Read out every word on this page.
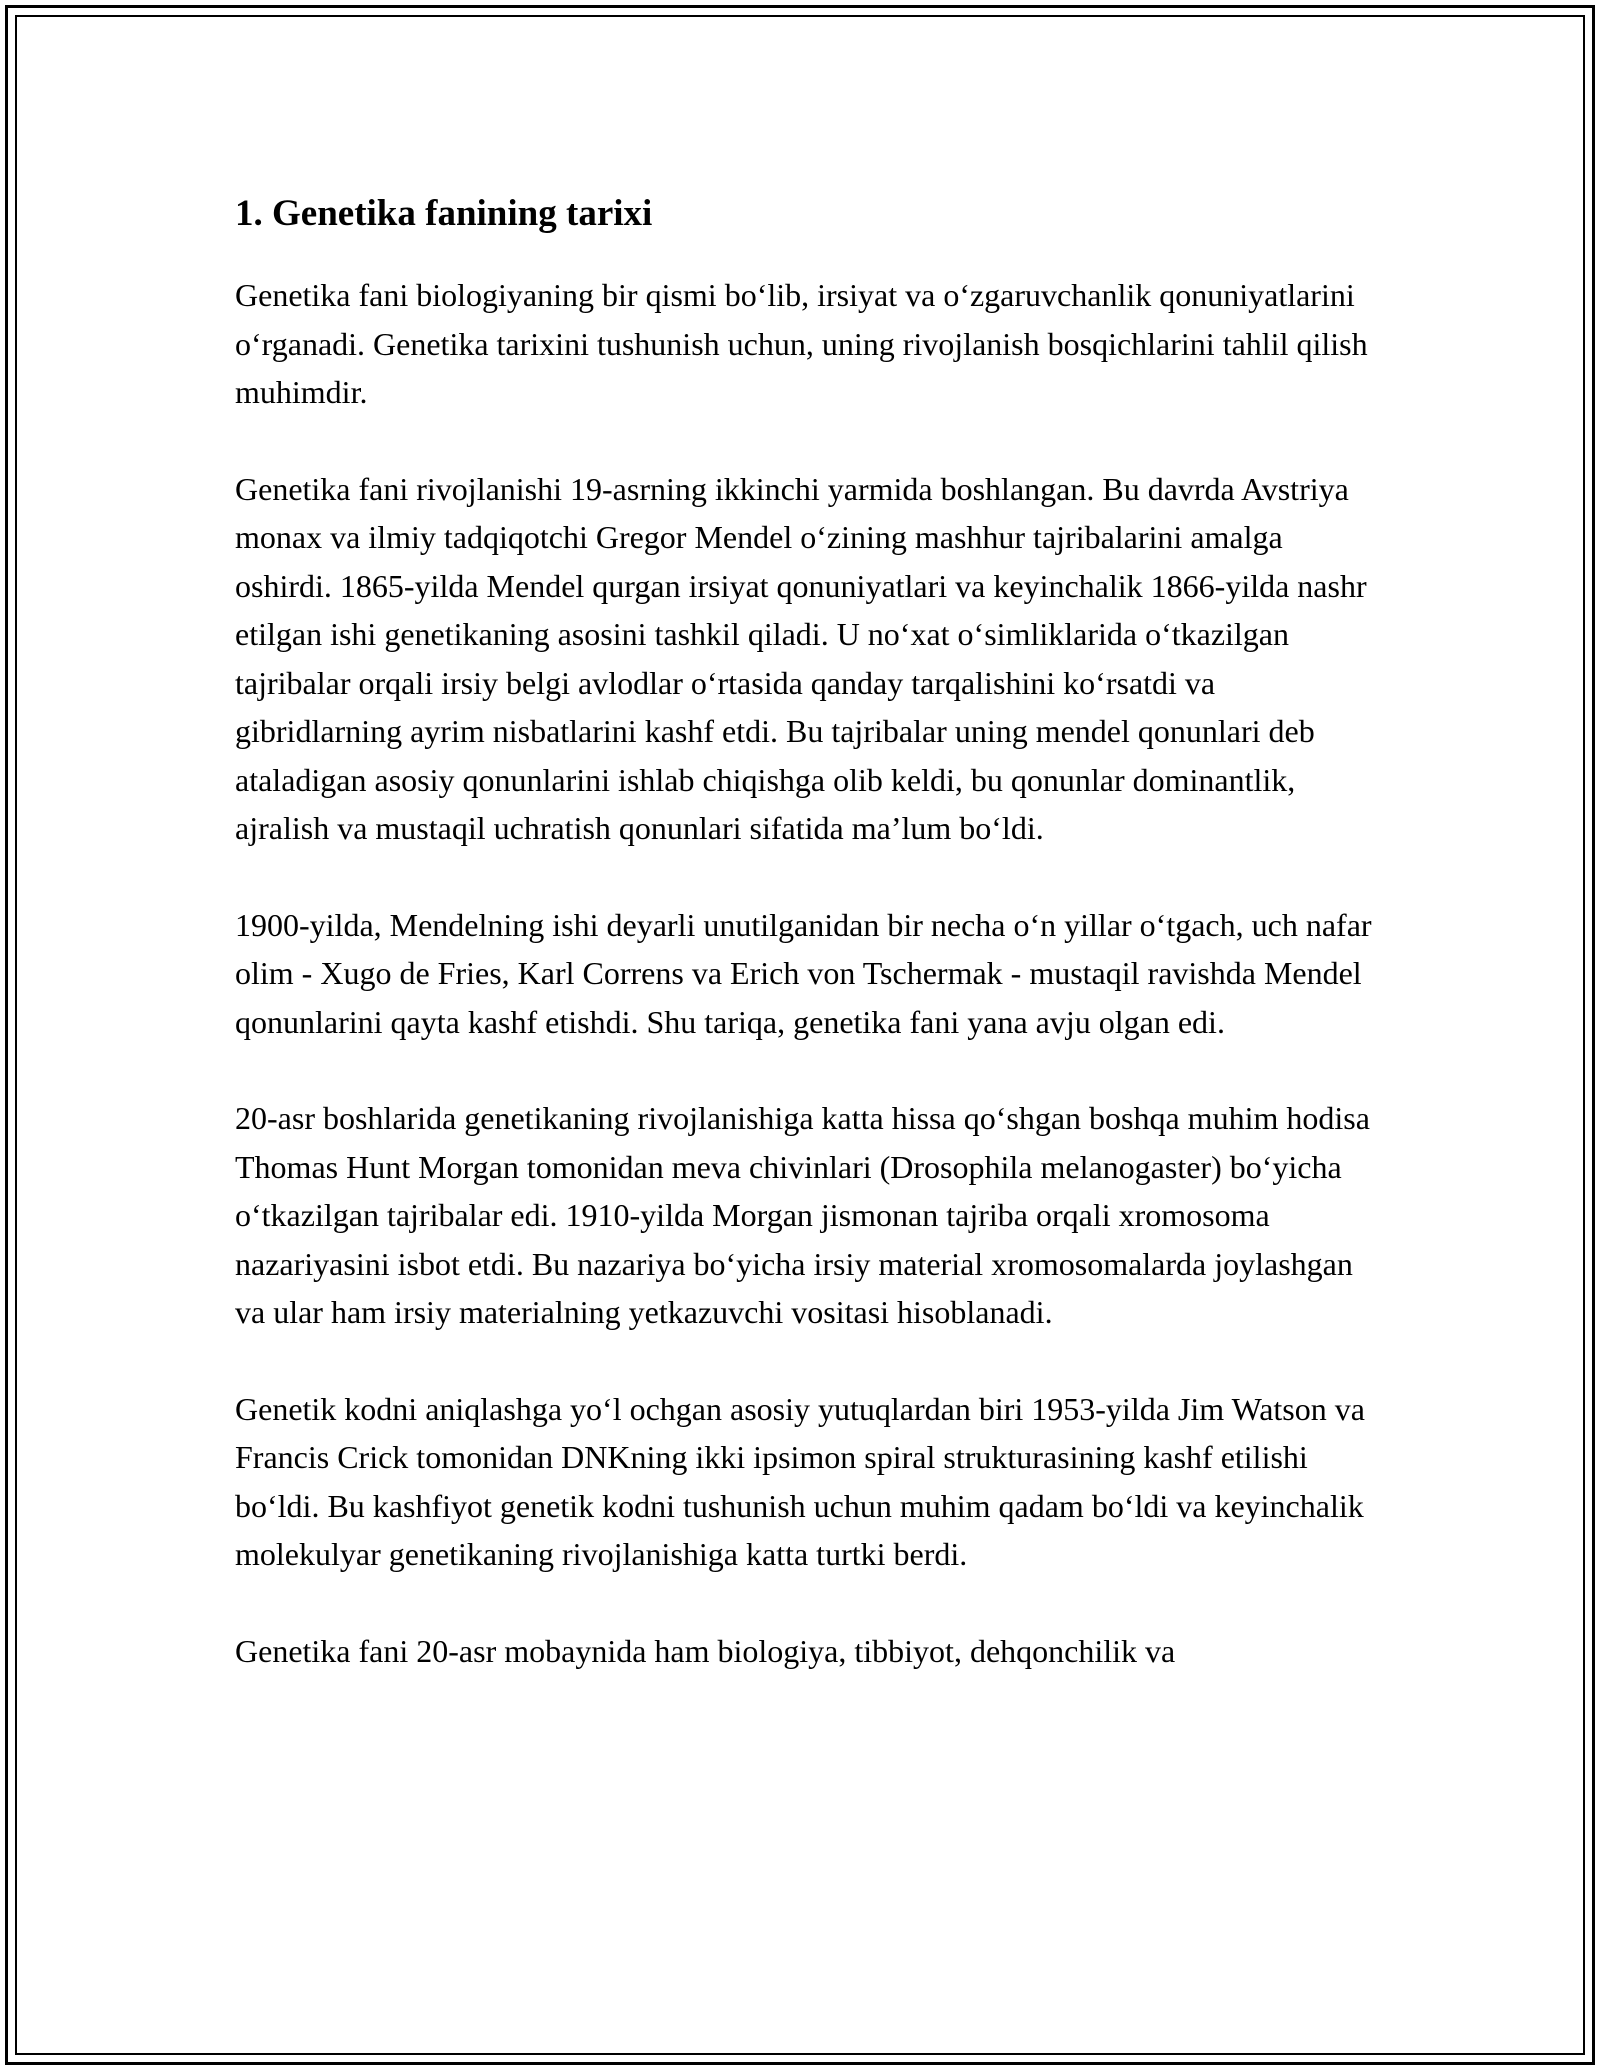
1. Genetika fanining tarixi

Genetika fani biologiyaning bir qismi bo‘lib, irsiyat va o‘zgaruvchanlik qonuniyatlarini o‘rganadi. Genetika tarixini tushunish uchun, uning rivojlanish bosqichlarini tahlil qilish muhimdir.

Genetika fani rivojlanishi 19-asrning ikkinchi yarmida boshlangan. Bu davrda Avstriya monax va ilmiy tadqiqotchi Gregor Mendel o‘zining mashhur tajribalarini amalga oshirdi. 1865-yilda Mendel qurgan irsiyat qonuniyatlari va keyinchalik 1866-yilda nashr etilgan ishi genetikaning asosini tashkil qiladi. U no‘xat o‘simliklarida o‘tkazilgan tajribalar orqali irsiy belgi avlodlar o‘rtasida qanday tarqalishini ko‘rsatdi va gibridlarning ayrim nisbatlarini kashf etdi. Bu tajribalar uning mendel qonunlari deb ataladigan asosiy qonunlarini ishlab chiqishga olib keldi, bu qonunlar dominantlik, ajralish va mustaqil uchratish qonunlari sifatida ma’lum bo‘ldi.

1900-yilda, Mendelning ishi deyarli unutilganidan bir necha o‘n yillar o‘tgach, uch nafar olim - Xugo de Fries, Karl Correns va Erich von Tschermak - mustaqil ravishda Mendel qonunlarini qayta kashf etishdi. Shu tariqa, genetika fani yana avju olgan edi.

20-asr boshlarida genetikaning rivojlanishiga katta hissa qo‘shgan boshqa muhim hodisa Thomas Hunt Morgan tomonidan meva chivinlari (Drosophila melanogaster) bo‘yicha o‘tkazilgan tajribalar edi. 1910-yilda Morgan jismonan tajriba orqali xromosoma nazariyasini isbot etdi. Bu nazariya bo‘yicha irsiy material xromosomalarda joylashgan va ular ham irsiy materialning yetkazuvchi vositasi hisoblanadi.

Genetik kodni aniqlashga yo‘l ochgan asosiy yutuqlardan biri 1953-yilda Jim Watson va Francis Crick tomonidan DNKning ikki ipsimon spiral strukturasining kashf etilishi bo‘ldi. Bu kashfiyot genetik kodni tushunish uchun muhim qadam bo‘ldi va keyinchalik molekulyar genetikaning rivojlanishiga katta turtki berdi.

Genetika fani 20-asr mobaynida ham biologiya, tibbiyot, dehqonchilik va
